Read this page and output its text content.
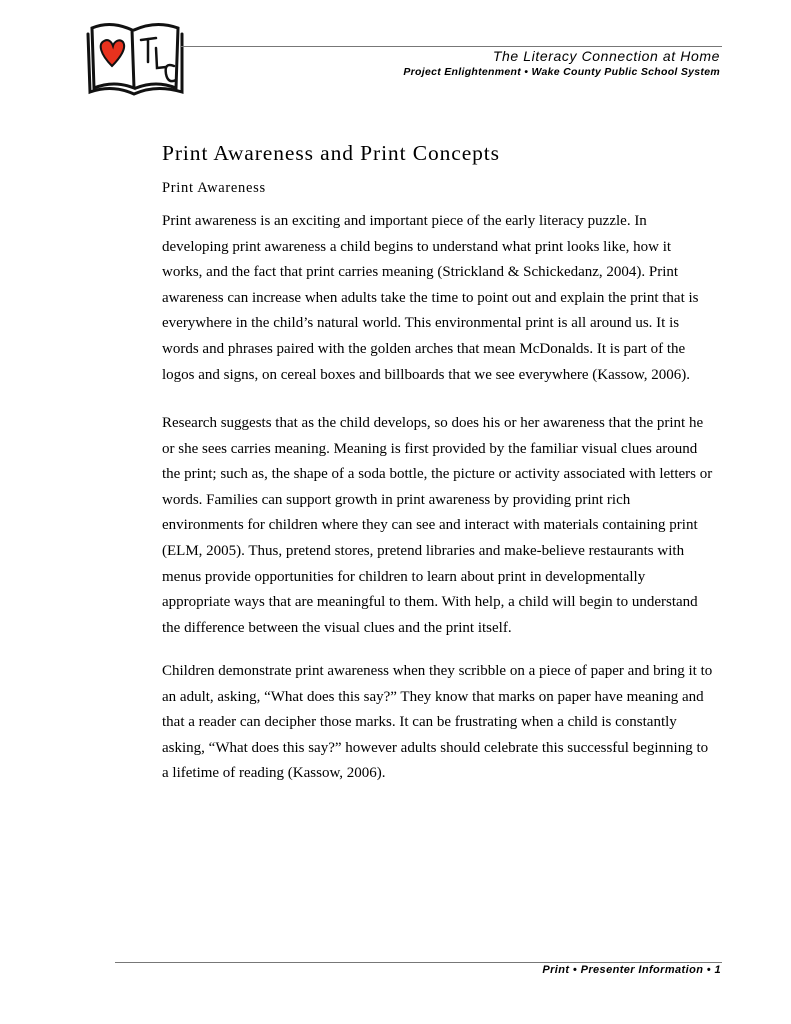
The Literacy Connection at Home
Project Enlightenment • Wake County Public School System
Print Awareness and Print Concepts
Print Awareness
Print awareness is an exciting and important piece of the early literacy puzzle. In
developing print awareness a child begins to understand what print looks like, how it
works, and the fact that print carries meaning (Strickland & Schickedanz, 2004). Print
awareness can increase when adults take the time to point out and explain the print that is
everywhere in the child’s natural world. This environmental print is all around us. It is
words and phrases paired with the golden arches that mean McDonalds. It is part of the
logos and signs, on cereal boxes and billboards that we see everywhere (Kassow, 2006).
Research suggests that as the child develops, so does his or her awareness that the print he
or she sees carries meaning. Meaning is first provided by the familiar visual clues around
the print; such as, the shape of a soda bottle, the picture or activity associated with letters or
words. Families can support growth in print awareness by providing print rich
environments for children where they can see and interact with materials containing print
(ELM, 2005). Thus, pretend stores, pretend libraries and make-believe restaurants with
menus provide opportunities for children to learn about print in developmentally
appropriate ways that are meaningful to them. With help, a child will begin to understand
the difference between the visual clues and the print itself.
Children demonstrate print awareness when they scribble on a piece of paper and bring it to
an adult, asking, “What does this say?” They know that marks on paper have meaning and
that a reader can decipher those marks. It can be frustrating when a child is constantly
asking, “What does this say?” however adults should celebrate this successful beginning to
a lifetime of reading (Kassow, 2006).
Print • Presenter Information • 1
